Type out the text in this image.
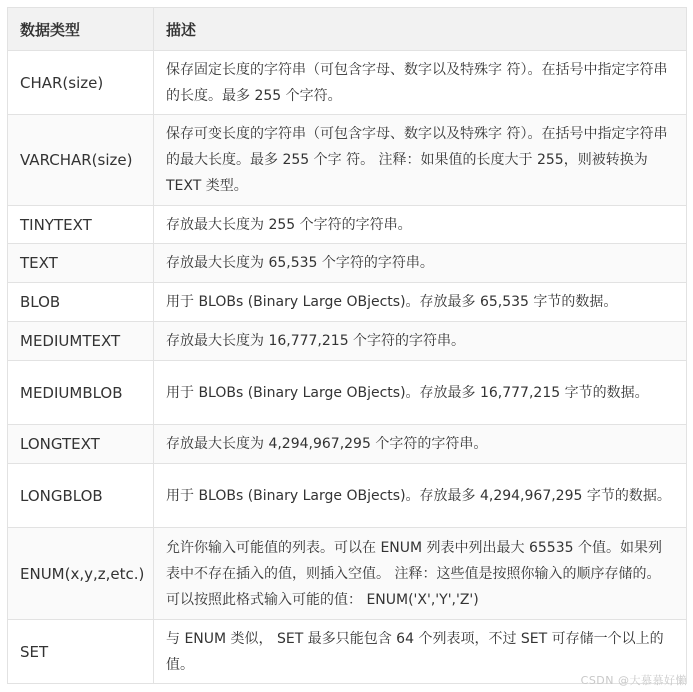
数据类型	描述
CHAR(size)	保存固定长度的字符串（可包含字母、数字以及特殊字 符）。在括号中指定字符串的长度。最多 255 个字符。
VARCHAR(size)	保存可变长度的字符串（可包含字母、数字以及特殊字 符）。在括号中指定字符串的最大长度。最多 255 个字 符。 注释：如果值的长度大于 255，则被转换为 TEXT 类型。
TINYTEXT	存放最大长度为 255 个字符的字符串。
TEXT	存放最大长度为 65,535 个字符的字符串。
BLOB	用于 BLOBs (Binary Large OBjects)。存放最多 65,535 字节的数据。
MEDIUMTEXT	存放最大长度为 16,777,215 个字符的字符串。
MEDIUMBLOB	用于 BLOBs (Binary Large OBjects)。存放最多 16,777,215 字节的数据。
LONGTEXT	存放最大长度为 4,294,967,295 个字符的字符串。
LONGBLOB	用于 BLOBs (Binary Large OBjects)。存放最多 4,294,967,295 字节的数据。
ENUM(x,y,z,etc.)	允许你输入可能值的列表。可以在 ENUM 列表中列出最大 65535 个值。如果列表中不存在插入的值，则插入空值。 注释：这些值是按照你输入的顺序存储的。 可以按照此格式输入可能的值： ENUM('X','Y','Z')
SET	与 ENUM 类似， SET 最多只能包含 64 个列表项，不过 SET 可存储一个以上的值。
CSDN @大慕慕好懒
